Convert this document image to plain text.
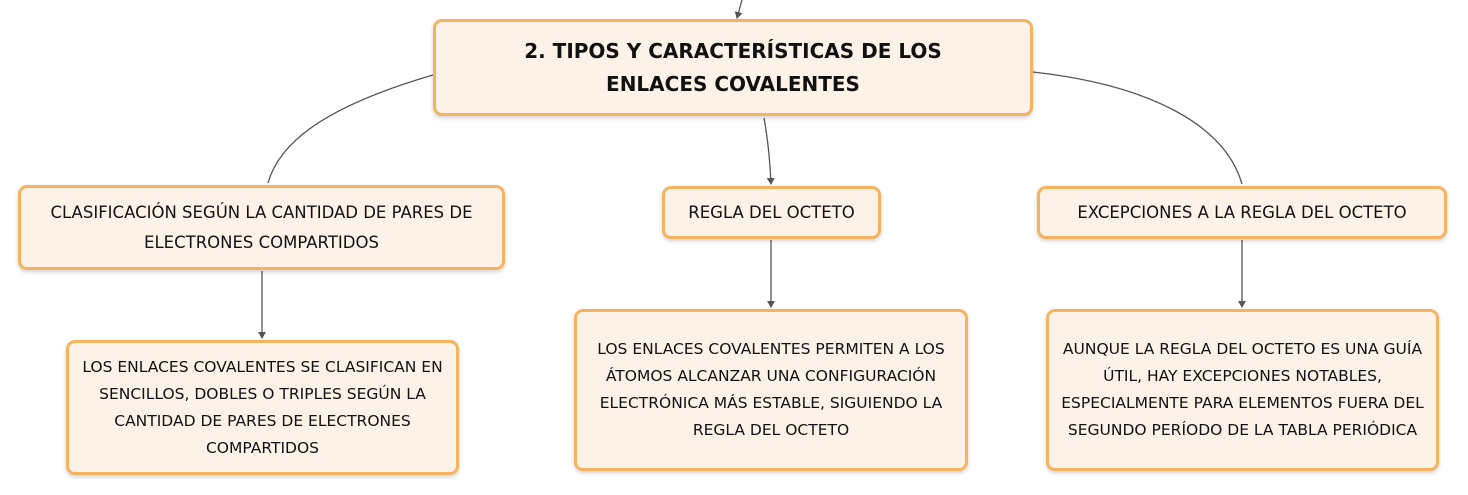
2. TIPOS Y CARACTERÍSTICAS DE LOS ENLACES COVALENTES
CLASIFICACIÓN SEGÚN LA CANTIDAD DE PARES DE ELECTRONES COMPARTIDOS
REGLA DEL OCTETO	EXCEPCIONES A LA REGLA DEL OCTETO
LOS ENLACES COVALENTES SE CLASIFICAN EN SENCILLOS, DOBLES O TRIPLES SEGÚN LA CANTIDAD DE PARES DE ELECTRONES COMPARTIDOS
LOS ENLACES COVALENTES PERMITEN A LOS ÁTOMOS ALCANZAR UNA CONFIGURACIÓN ELECTRÓNICA MÁS ESTABLE, SIGUIENDO LA REGLA DEL OCTETO
AUNQUE LA REGLA DEL OCTETO ES UNA GUÍA ÚTIL, HAY EXCEPCIONES NOTABLES, ESPECIALMENTE PARA ELEMENTOS FUERA DEL SEGUNDO PERÍODO DE LA TABLA PERIÓDICA
